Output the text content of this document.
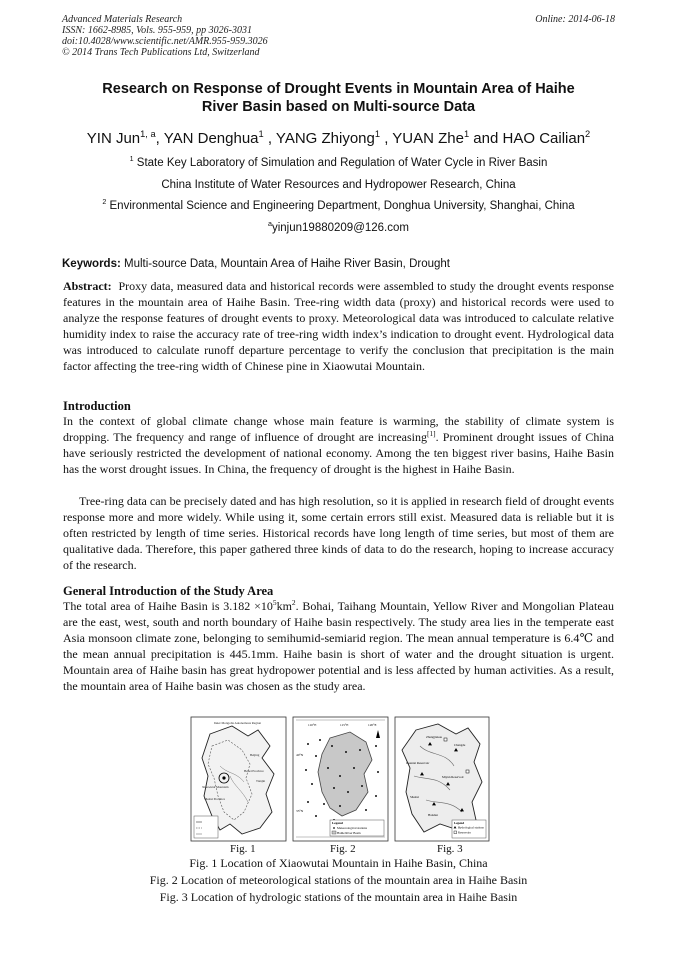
Advanced Materials Research
ISSN: 1662-8985, Vols. 955-959, pp 3026-3031
doi:10.4028/www.scientific.net/AMR.955-959.3026
© 2014 Trans Tech Publications Ltd, Switzerland
Online: 2014-06-18
Research on Response of Drought Events in Mountain Area of Haihe
River Basin based on Multi-source Data
YIN Jun$^{1, a}$, YAN Denghua$^1$ , YANG Zhiyong$^1$ , YUAN Zhe$^1$ and HAO Cailian$^2$
$^1$ State Key Laboratory of Simulation and Regulation of Water Cycle in River Basin
China Institute of Water Resources and Hydropower Research, China
$^2$ Environmental Science and Engineering Department, Donghua University, Shanghai, China
$^a$yinjun19880209@126.com
Keywords: Multi-source Data, Mountain Area of Haihe River Basin, Drought
Abstract: Proxy data, measured data and historical records were assembled to study the drought events response features in the mountain area of Haihe Basin. Tree-ring width data (proxy) and historical records were used to analyze the response features of drought events to proxy. Meteorological data was introduced to calculate relative humidity index to raise the accuracy rate of tree-ring width index’s indication to drought event. Hydrological data was introduced to calculate runoff departure percentage to verify the conclusion that precipitation is the main factor affecting the tree-ring width of Chinese pine in Xiaowutai Mountain.
Introduction
In the context of global climate change whose main feature is warming, the stability of climate system is dropping. The frequency and range of influence of drought are increasing[1]. Prominent drought issues of China have seriously restricted the development of national economy. Among the ten biggest river basins, Haihe Basin has the worst drought issues. In China, the frequency of drought is the highest in Haihe Basin.
Tree-ring data can be precisely dated and has high resolution, so it is applied in research field of drought events response more and more widely. While using it, some certain errors still exist. Measured data is reliable but it is often restricted by length of time series. Historical records have long length of time series, but most of them are qualitative dada. Therefore, this paper gathered three kinds of data to do the research, hoping to increase accuracy of the research.
General Introduction of the Study Area
The total area of Haihe Basin is $3.182 \times 10^5km^2$. Bohai, Taihang Mountain, Yellow River and Mongolian Plateau are the east, west, south and north boundary of Haihe basin respectively. The study area lies in the temperate east Asia monsoon climate zone, belonging to semihumid-semiarid region. The mean annual temperature is 6.4℃ and the mean annual precipitation is 445.1mm. Haihe basin is short of water and the drought situation is urgent. Mountain area of Haihe basin has great hydropower potential and is less affected by human activities. As a result, the mountain area of Haihe basin was chosen as the study area.
Inner Mongolia Autonomous Region
Hebei Province
Shanxi Province
Beijing
Tianjin
Xiaowutai Mountain
110°E	115°E	120°E
40°N
35°N
Legend
Meteorological stations
Haihe River Basin
Zhangjiakou
Chengde
Guantai Reservoir
Miyun Reservoir
Shanxi
Handan
Legend
Hydrological stations
Reservoirs
Fig. 1	Fig. 2	Fig. 3
Fig. 1 Location of Xiaowutai Mountain in Haihe Basin, China
Fig. 2 Location of meteorological stations of the mountain area in Haihe Basin
Fig. 3 Location of hydrologic stations of the mountain area in Haihe Basin
